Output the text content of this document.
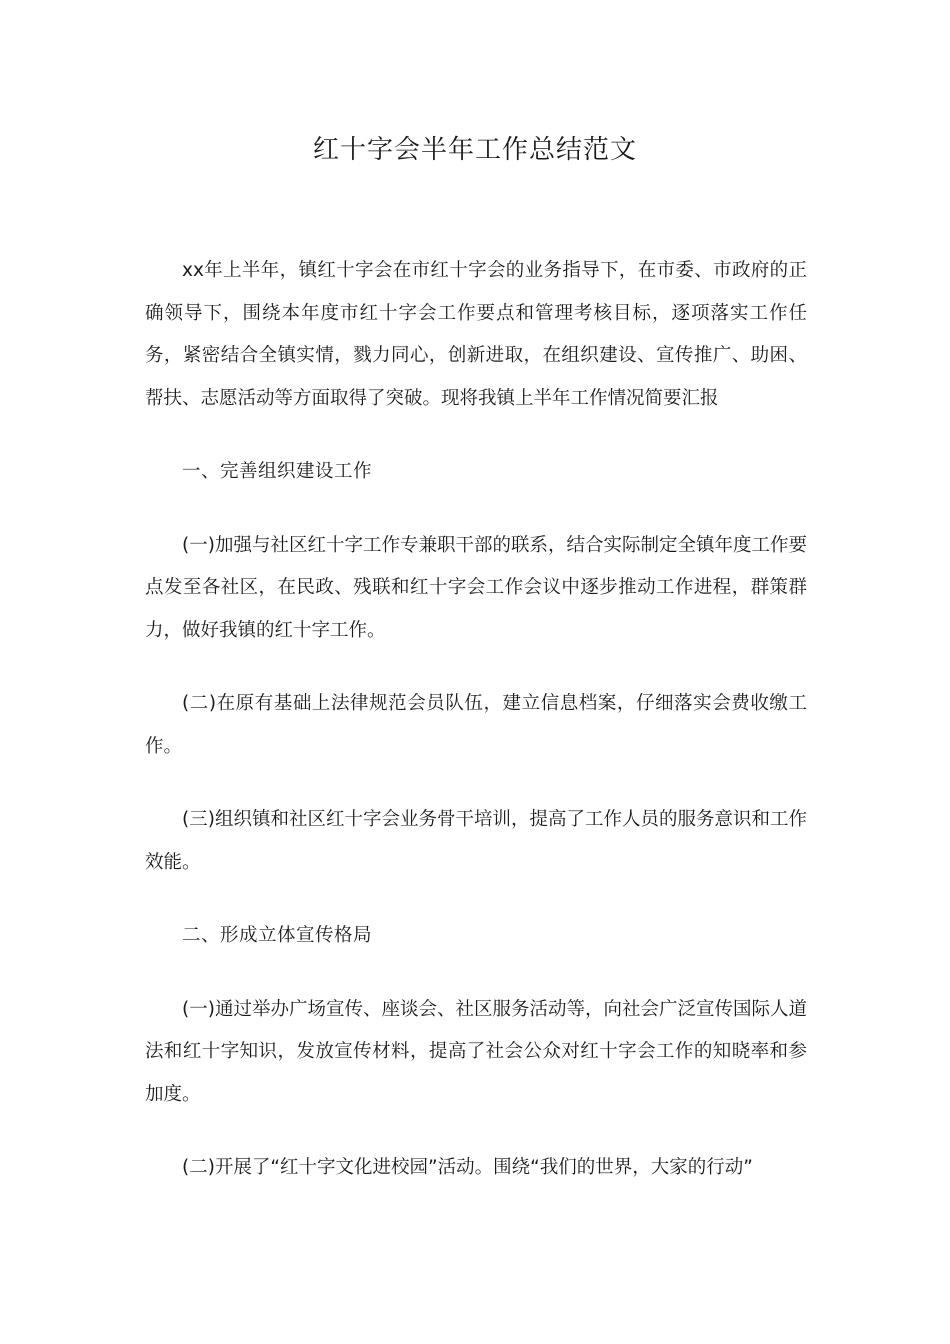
红十字会半年工作总结范文

xx年上半年，镇红十字会在市红十字会的业务指导下，在市委、市政府的正确领导下，围绕本年度市红十字会工作要点和管理考核目标，逐项落实工作任务，紧密结合全镇实情，戮力同心，创新进取，在组织建设、宣传推广、助困、帮扶、志愿活动等方面取得了突破。现将我镇上半年工作情况简要汇报

一、完善组织建设工作

(一)加强与社区红十字工作专兼职干部的联系，结合实际制定全镇年度工作要点发至各社区，在民政、残联和红十字会工作会议中逐步推动工作进程，群策群力，做好我镇的红十字工作。

(二)在原有基础上法律规范会员队伍，建立信息档案，仔细落实会费收缴工作。

(三)组织镇和社区红十字会业务骨干培训，提高了工作人员的服务意识和工作效能。

二、形成立体宣传格局

(一)通过举办广场宣传、座谈会、社区服务活动等，向社会广泛宣传国际人道法和红十字知识，发放宣传材料，提高了社会公众对红十字会工作的知晓率和参加度。

(二)开展了“红十字文化进校园”活动。围绕“我们的世界，大家的行动”
